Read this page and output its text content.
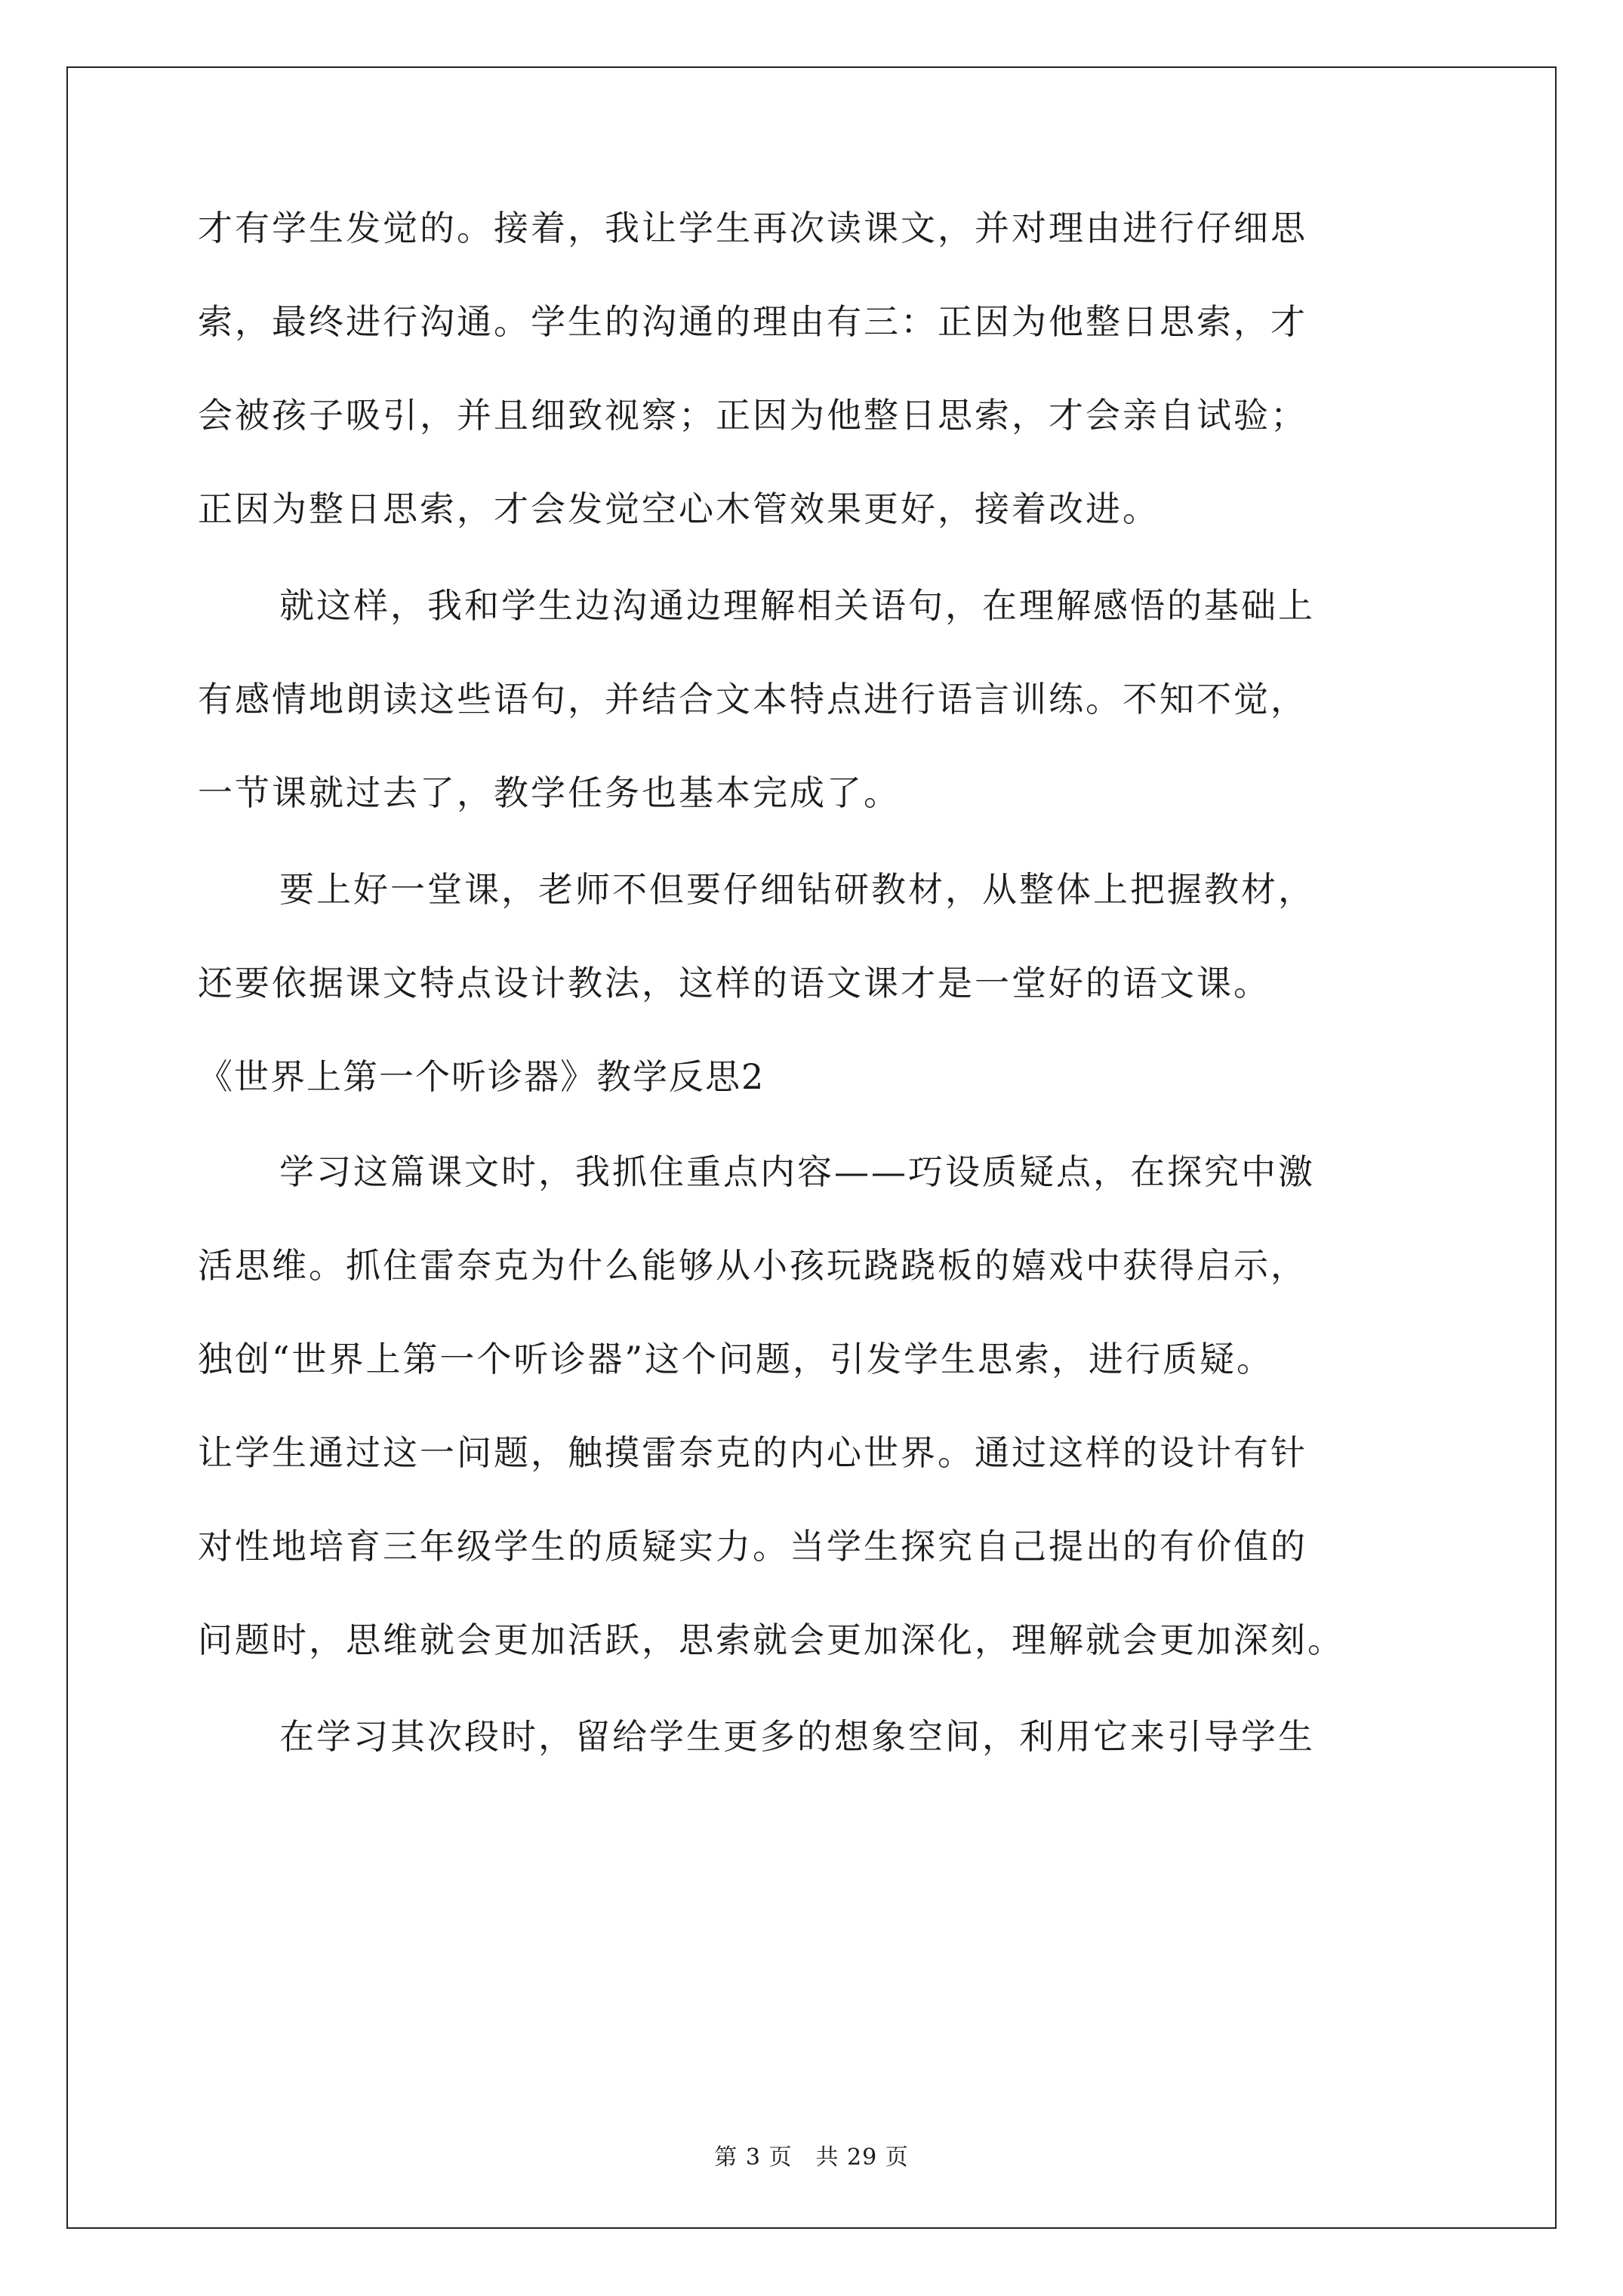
才有学生发觉的。接着，我让学生再次读课文，并对理由进行仔细思
索，最终进行沟通。学生的沟通的理由有三：正因为他整日思索，才
会被孩子吸引，并且细致视察；正因为他整日思索，才会亲自试验；
正因为整日思索，才会发觉空心木管效果更好，接着改进。
就这样，我和学生边沟通边理解相关语句，在理解感悟的基础上
有感情地朗读这些语句，并结合文本特点进行语言训练。不知不觉，
一节课就过去了，教学任务也基本完成了。
要上好一堂课，老师不但要仔细钻研教材，从整体上把握教材，
还要依据课文特点设计教法，这样的语文课才是一堂好的语文课。
《世界上第一个听诊器》教学反思2
学习这篇课文时，我抓住重点内容——巧设质疑点，在探究中激
活思维。抓住雷奈克为什么能够从小孩玩跷跷板的嬉戏中获得启示，
独创“世界上第一个听诊器”这个问题，引发学生思索，进行质疑。
让学生通过这一问题，触摸雷奈克的内心世界。通过这样的设计有针
对性地培育三年级学生的质疑实力。当学生探究自己提出的有价值的
问题时，思维就会更加活跃，思索就会更加深化，理解就会更加深刻。
在学习其次段时，留给学生更多的想象空间，利用它来引导学生
第 3 页　共 29 页
